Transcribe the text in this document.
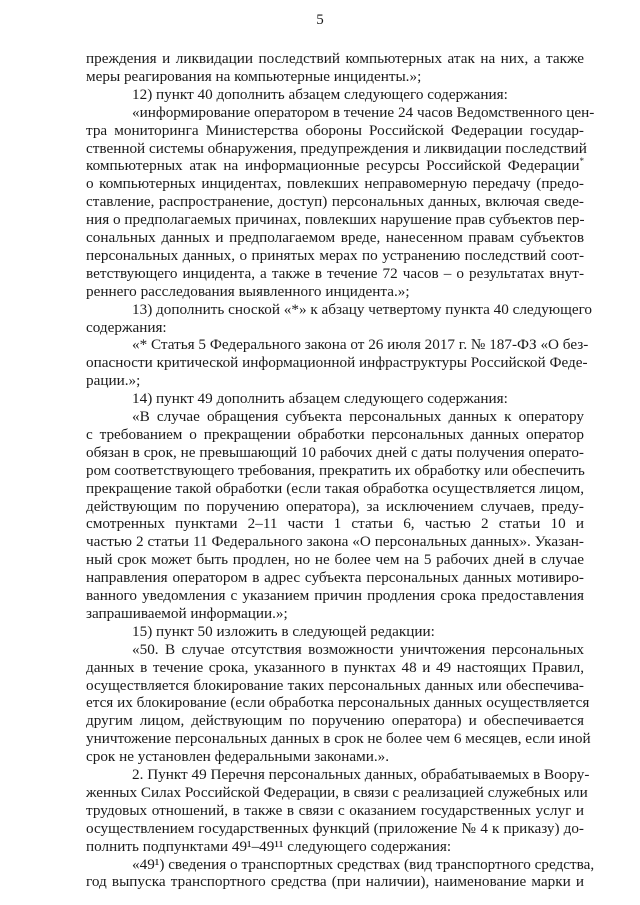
5
преждения и ликвидации последствий компьютерных атак на них, а также
меры реагирования на компьютерные инциденты.»;
12) пункт 40 дополнить абзацем следующего содержания:
«информирование оператором в течение 24 часов Ведомственного цен-
тра мониторинга Министерства обороны Российской Федерации государ-
ственной системы обнаружения, предупреждения и ликвидации последствий
компьютерных атак на информационные ресурсы Российской Федерации*
о компьютерных инцидентах, повлекших неправомерную передачу (предо-
ставление, распространение, доступ) персональных данных, включая сведе-
ния о предполагаемых причинах, повлекших нарушение прав субъектов пер-
сональных данных и предполагаемом вреде, нанесенном правам субъектов
персональных данных, о принятых мерах по устранению последствий соот-
ветствующего инцидента, а также в течение 72 часов – о результатах внут-
реннего расследования выявленного инцидента.»;
13) дополнить сноской «*» к абзацу четвертому пункта 40 следующего
содержания:
«* Статья 5 Федерального закона от 26 июля 2017 г. № 187-ФЗ «О без-
опасности критической информационной инфраструктуры Российской Феде-
рации.»;
14) пункт 49 дополнить абзацем следующего содержания:
«В случае обращения субъекта персональных данных к оператору
с требованием о прекращении обработки персональных данных оператор
обязан в срок, не превышающий 10 рабочих дней с даты получения операто-
ром соответствующего требования, прекратить их обработку или обеспечить
прекращение такой обработки (если такая обработка осуществляется лицом,
действующим по поручению оператора), за исключением случаев, преду-
смотренных пунктами 2–11 части 1 статьи 6, частью 2 статьи 10 и
частью 2 статьи 11 Федерального закона «О персональных данных». Указан-
ный срок может быть продлен, но не более чем на 5 рабочих дней в случае
направления оператором в адрес субъекта персональных данных мотивиро-
ванного уведомления с указанием причин продления срока предоставления
запрашиваемой информации.»;
15) пункт 50 изложить в следующей редакции:
«50. В случае отсутствия возможности уничтожения персональных
данных в течение срока, указанного в пунктах 48 и 49 настоящих Правил,
осуществляется блокирование таких персональных данных или обеспечива-
ется их блокирование (если обработка персональных данных осуществляется
другим лицом, действующим по поручению оператора) и обеспечивается
уничтожение персональных данных в срок не более чем 6 месяцев, если иной
срок не установлен федеральными законами.».
2. Пункт 49 Перечня персональных данных, обрабатываемых в Воору-
женных Силах Российской Федерации, в связи с реализацией служебных или
трудовых отношений, в также в связи с оказанием государственных услуг и
осуществлением государственных функций (приложение № 4 к приказу) до-
полнить подпунктами 49¹–49¹¹ следующего содержания:
«49¹) сведения о транспортных средствах (вид транспортного средства,
год выпуска транспортного средства (при наличии), наименование марки и
